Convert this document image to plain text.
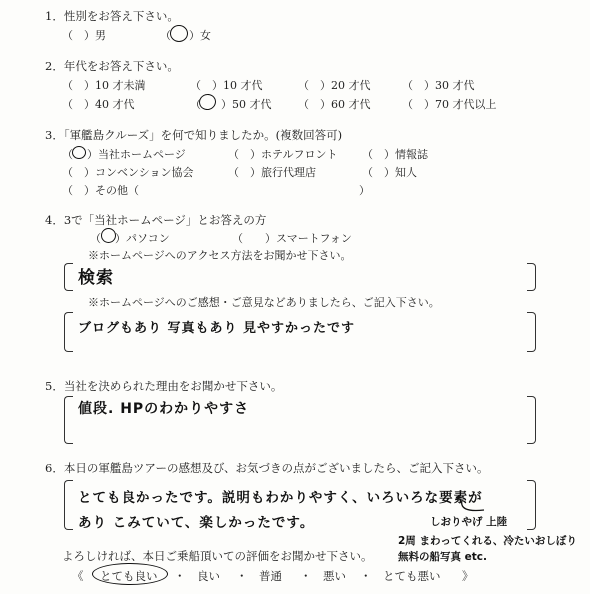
1．性別をお答え下さい。
（　）男	（ ）女
2．年代をお答え下さい。
（　）10 才未満	（　）10 才代	（　）20 才代	（　）30 才代
（　）40 才代	（ ）50 才代 （　）60 才代	（　）70 才代以上
3．「軍艦島クルーズ」を何で知りましたか。(複数回答可)
（ ）当社ホームページ	（　）ホテルフロント （　）情報誌
（　）コンベンション協会	（　）旅行代理店	（　）知人
（　）その他（　　　　　　　　　　　　　　　　　　　　）
4．3で「当社ホームページ」とお答えの方
（ ）パソコン	（　　）スマートフォン
※ホームページへのアクセス方法をお聞かせ下さい。
検索
※ホームページへのご感想・ご意見などありましたら、ご記入下さい。
ブログもあり 写真もあり 見やすかったです
5．当社を決められた理由をお聞かせ下さい。
値段. HPのわかりやすさ
6．本日の軍艦島ツアーの感想及び、お気づきの点がございましたら、ご記入下さい。
とても良かったです。説明もわかりやすく、いろいろな要素が
あり こみていて、楽しかったです。	しおりやげ 上陸
2周 まわってくれる、冷たいおしぼり
無料の船写真 etc.
よろしければ、本日ご乗船頂いての評価をお聞かせ下さい。
《 とても良い ・　良い ・　普通 ・　悪い ・　とても悪い 》
